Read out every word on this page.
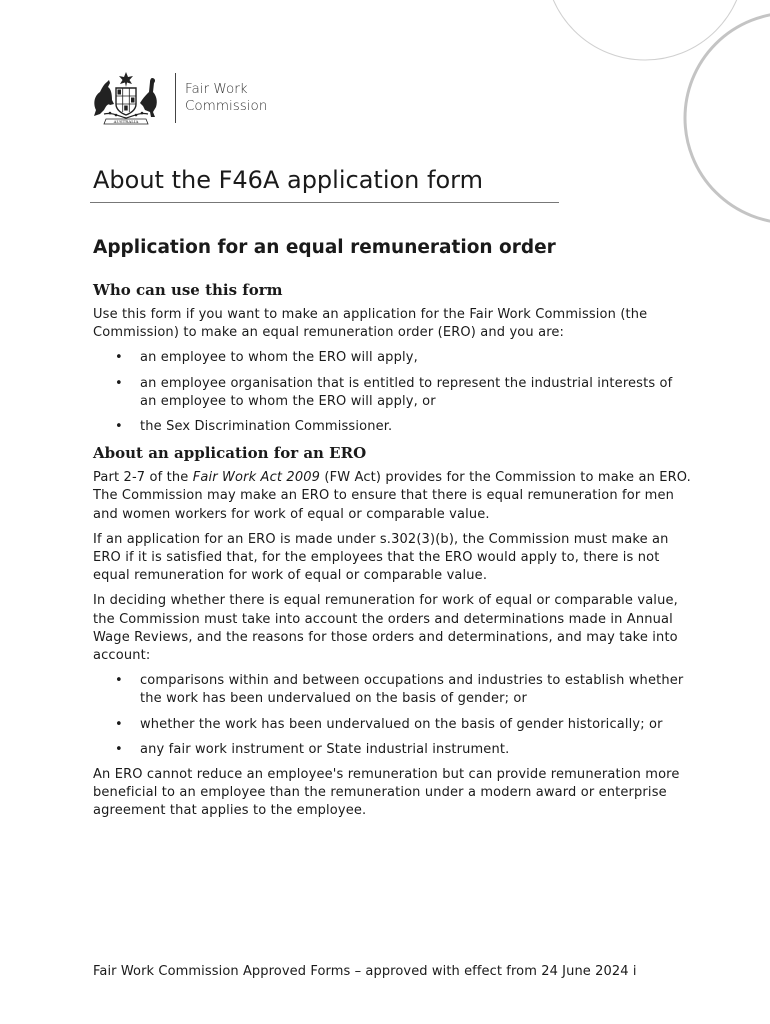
AUSTRALIA
Fair Work
Commission
About the F46A application form
Application for an equal remuneration order
Who can use this form

Use this form if you want to make an application for the Fair Work Commission (the Commission) to make an equal remuneration order (ERO) and you are:

• an employee to whom the ERO will apply,
• an employee organisation that is entitled to represent the industrial interests of an employee to whom the ERO will apply, or
• the Sex Discrimination Commissioner.
About an application for an ERO

Part 2-7 of the Fair Work Act 2009 (FW Act) provides for the Commission to make an ERO. The Commission may make an ERO to ensure that there is equal remuneration for men and women workers for work of equal or comparable value.

If an application for an ERO is made under s.302(3)(b), the Commission must make an ERO if it is satisfied that, for the employees that the ERO would apply to, there is not equal remuneration for work of equal or comparable value.

In deciding whether there is equal remuneration for work of equal or comparable value, the Commission must take into account the orders and determinations made in Annual Wage Reviews, and the reasons for those orders and determinations, and may take into account:

• comparisons within and between occupations and industries to establish whether the work has been undervalued on the basis of gender; or
• whether the work has been undervalued on the basis of gender historically; or
• any fair work instrument or State industrial instrument.

An ERO cannot reduce an employee's remuneration but can provide remuneration more beneficial to an employee than the remuneration under a modern award or enterprise agreement that applies to the employee.

Fair Work Commission Approved Forms – approved with effect from 24 June 2024 i
